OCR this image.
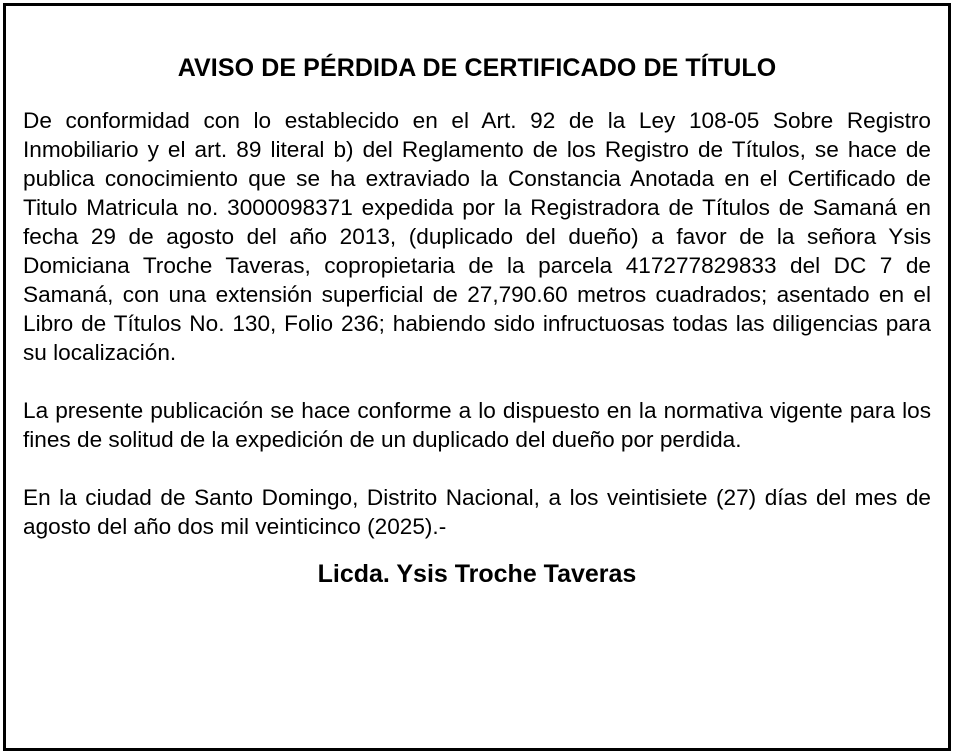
AVISO DE PÉRDIDA DE CERTIFICADO DE TÍTULO

De conformidad con lo establecido en el Art. 92 de la Ley 108-05 Sobre Registro Inmobiliario y el art. 89 literal b) del Reglamento de los Registro de Títulos, se hace de publica conocimiento que se ha extraviado la Constancia Anotada en el Certificado de Titulo Matricula no. 3000098371 expedida por la Registradora de Títulos de Samaná en fecha 29 de agosto del año 2013, (duplicado del dueño) a favor de la señora Ysis Domiciana Troche Taveras, copropietaria de la parcela 417277829833 del DC 7 de Samaná, con una extensión superficial de 27,790.60 metros cuadrados; asentado en el Libro de Títulos No. 130, Folio 236; habiendo sido infructuosas todas las diligencias para su localización.

La presente publicación se hace conforme a lo dispuesto en la normativa vigente para los fines de solitud de la expedición de un duplicado del dueño por perdida.

En la ciudad de Santo Domingo, Distrito Nacional, a los veintisiete (27) días del mes de agosto del año dos mil veinticinco (2025).-

Licda. Ysis Troche Taveras
